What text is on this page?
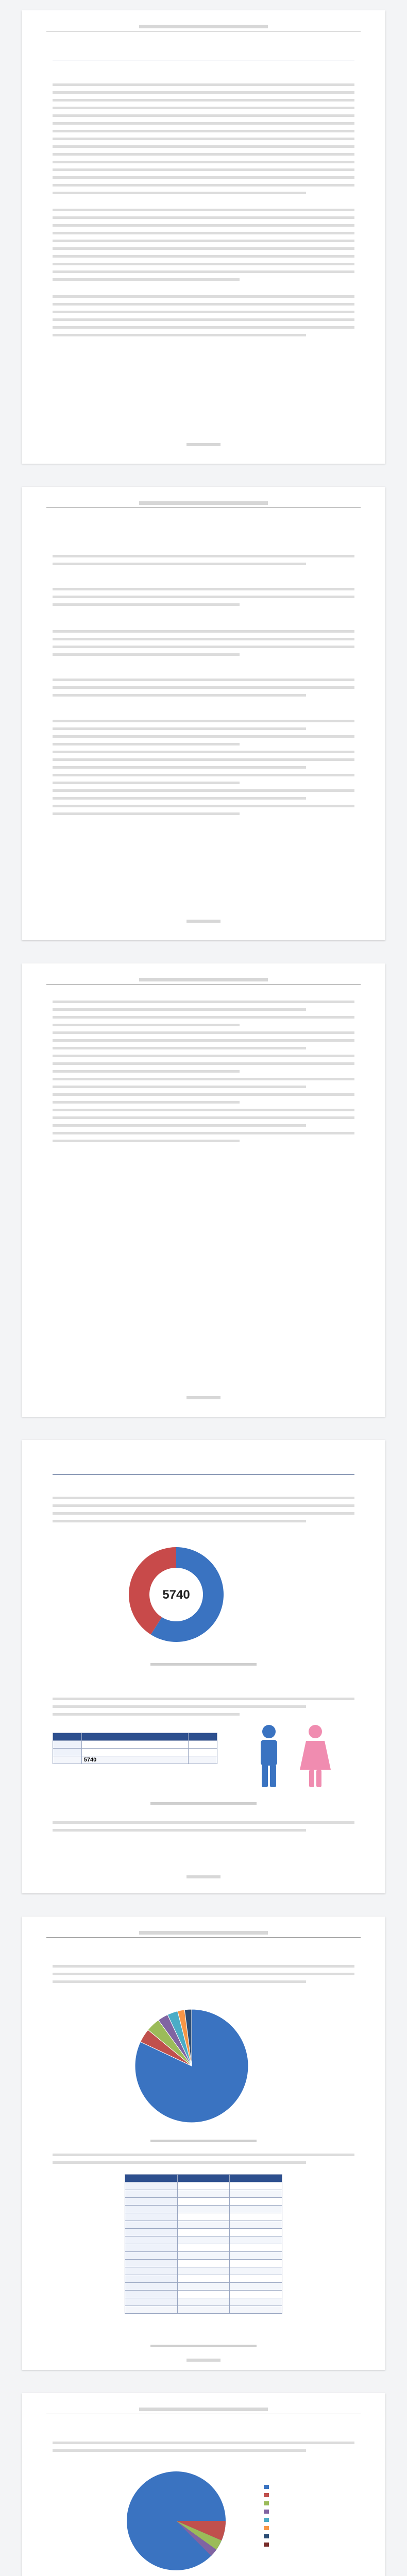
5740

	5740	
